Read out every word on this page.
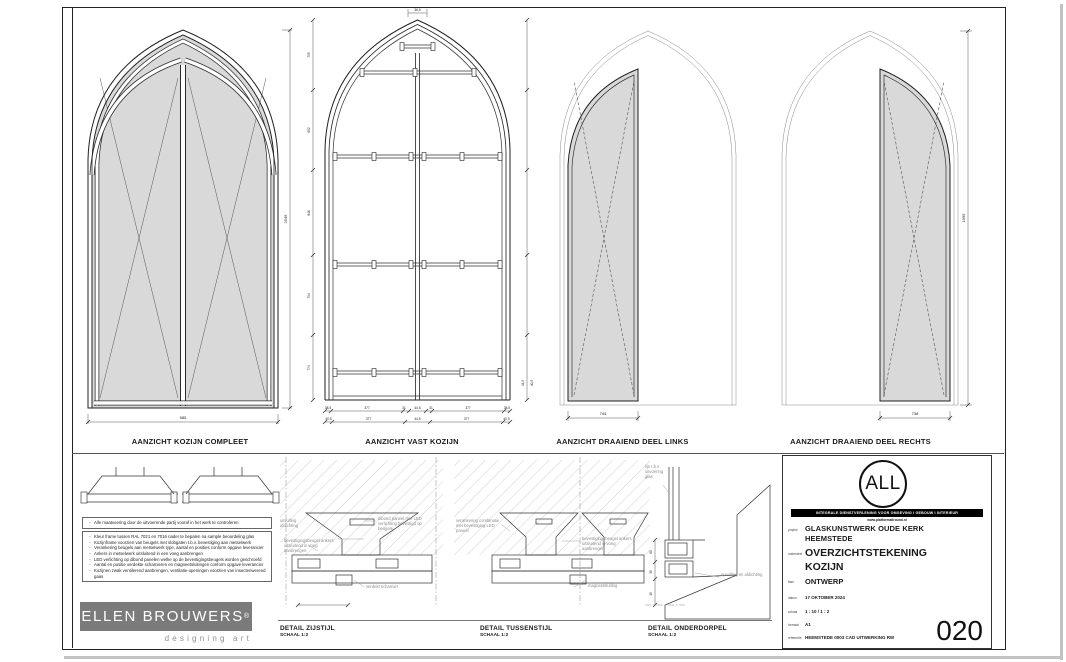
985
2545
36,5
795
652
846
794
774
44,5 40,5
38,5	377	31	44,5	31	377	38,5
40,5	377	44,5	377	40,5
744	738
1995
AANZICHT KOZIJN COMPLEET	AANZICHT VAST KOZIJN	AANZICHT DRAAIEND DEEL LINKS	AANZICHT DRAAIEND DEEL RECHTS
- Alle maatvoering door de uitvoerende partij vooraf in het werk te controleren
- Kleur frame tussen RAL 7021 en 7016 nader te bepalen na sample beoordeling glas
- Kozijnframe voorzien van beugels met slobgaten t.b.v. bevestiging aan metselwerk
- Verankering beugels aan metselwerk type, aantal en posities conform opgave leverancier
- Ankers in metselwerk uitsluitend in een voeg aanbrengen
- LED verlichting op dibond panelen welke op de bevestigingsbeugels worden geschroefd
- Aantal en positie verdekte scharnieren en magneetsluitingen conform opgave leverancier
- Kozijnen zwak ventilerend aanbrengen, ventilatie-openingen voorzien van insectenwerend gaas
ELLEN BROUWERS ®
designing art
dibond paneel met LED verlichting bevestigd op beugels
bevestigingsbeugel ankers uitsluitend in voeg aanbrengen
uitvulling afdichting
verdekt scharnier
verankering combinatie met bevestiging LED paneel
bevestigingsbeugel ankers uitsluitend in voeg aanbrengen
magneetsluiting
60
35
15
lijn t.b.v. uitvoering glas
opvulling en afdichting
DETAIL ZIJSTIJL
SCHAAL 1:2
DETAIL TUSSENSTIJL
SCHAAL 1:2
DETAIL ONDERDORPEL
SCHAAL 1:2
ALL
INTEGRALE DIENSTVERLENING VOOR OMGEVING I GEBOUW I INTERIEUR
www.platformallround.nl
project GLASKUNSTWERK OUDE KERK
HEEMSTEDE
onderdeel OVERZICHTSTEKENING
KOZIJN
fase ONTWERP
datum 17 OKTOBER 2024
schaal 1 : 10 / 1 : 2
formaat A1
referentie HEEMSTEDE 0003 CAD UITWERKING RW 020
